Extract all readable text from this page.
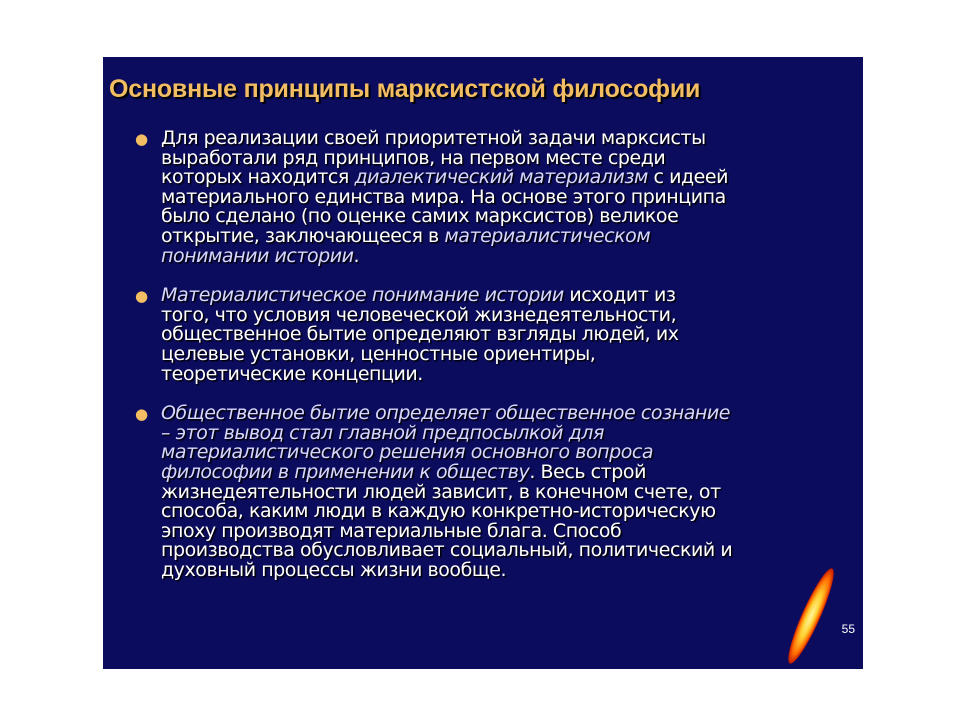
Основные принципы марксистской философии
● Для реализации своей приоритетной задачи марксисты
выработали ряд принципов, на первом месте среди
которых находится диалектический материализм с идеей
материального единства мира. На основе этого принципа
было сделано (по оценке самих марксистов) великое
открытие, заключающееся в материалистическом
понимании истории.
● Материалистическое понимание истории исходит из
того, что условия человеческой жизнедеятельности,
общественное бытие определяют взгляды людей, их
целевые установки, ценностные ориентиры,
теоретические концепции.
● Общественное бытие определяет общественное сознание
– этот вывод стал главной предпосылкой для
материалистического решения основного вопроса
философии в применении к обществу. Весь строй
жизнедеятельности людей зависит, в конечном счете, от
способа, каким люди в каждую конкретно-историческую
эпоху производят материальные блага. Способ
производства обусловливает социальный, политический и
духовный процессы жизни вообще.
55
